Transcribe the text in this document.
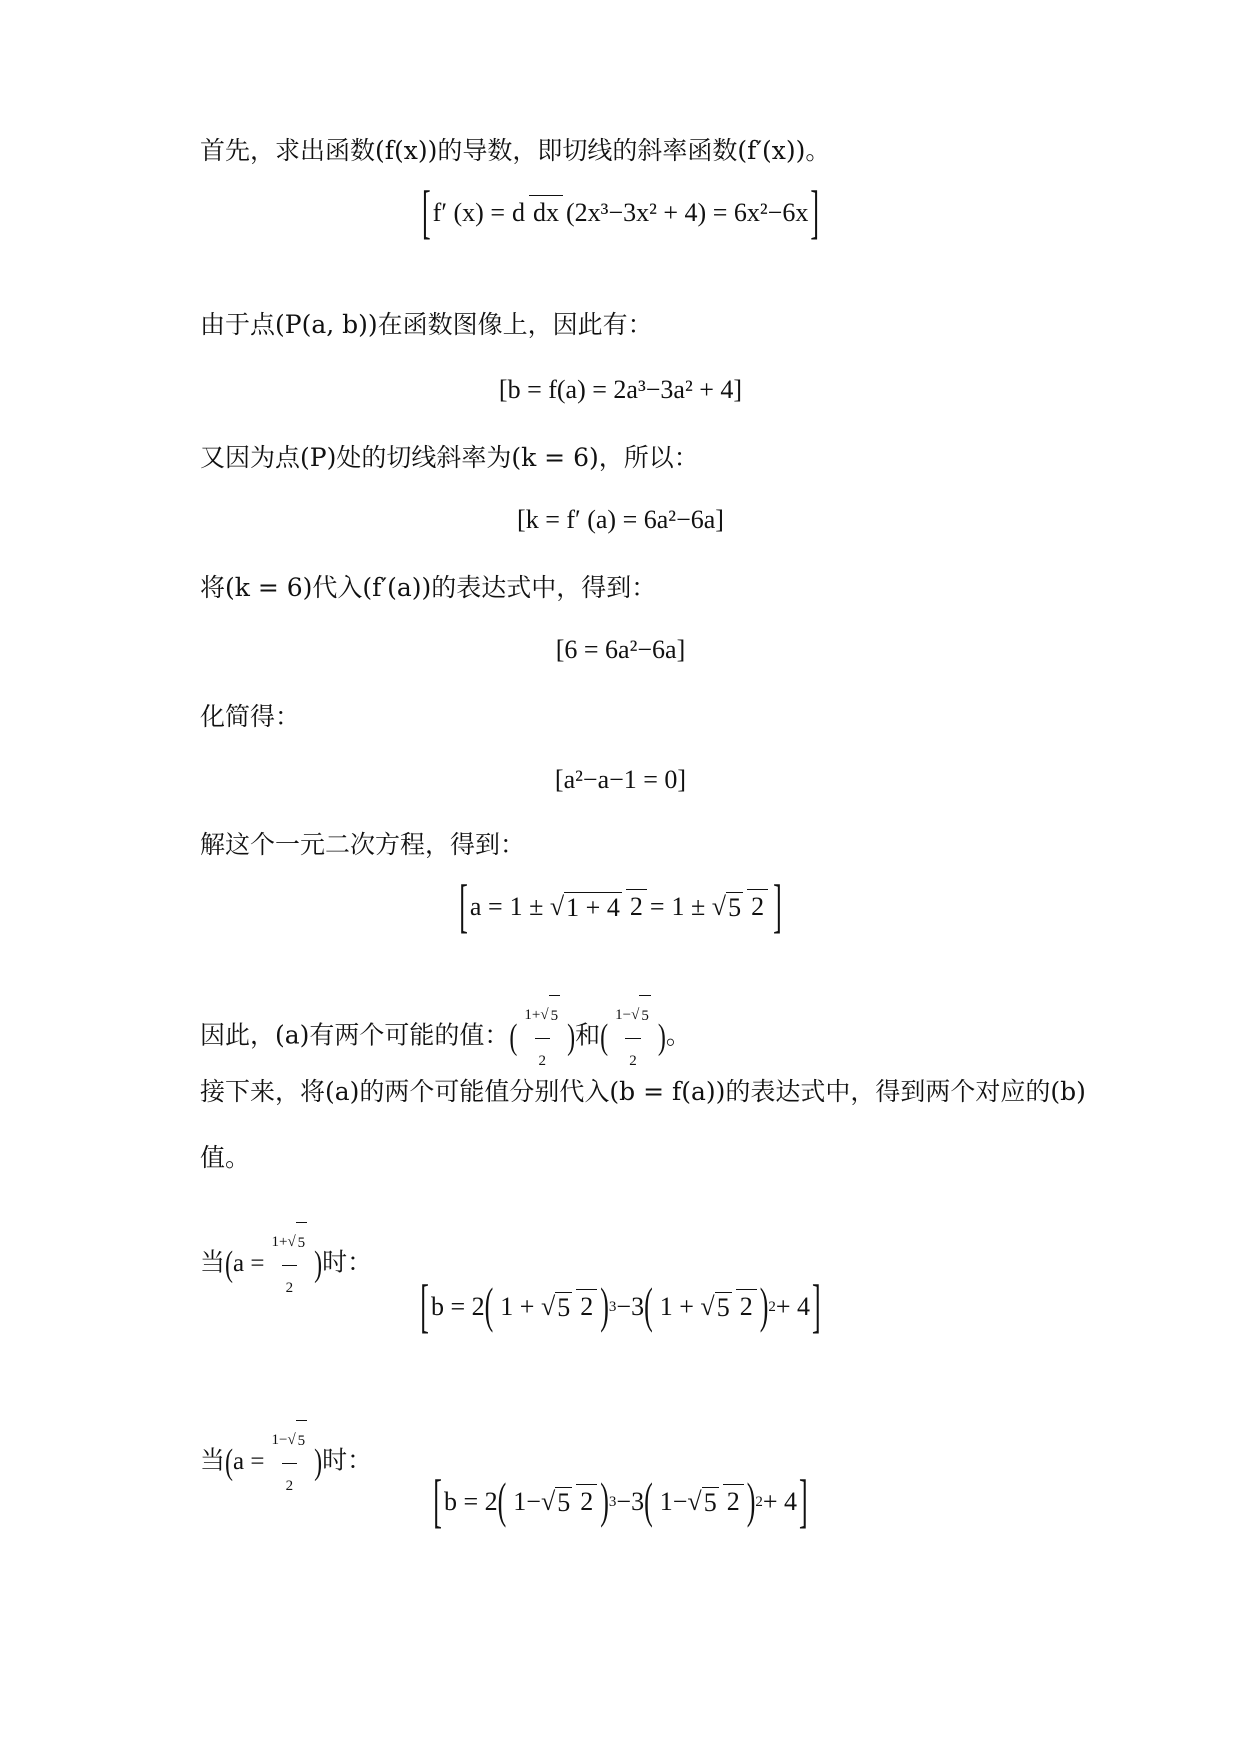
首先，求出函数(f(x))的导数，即切线的斜率函数(f′(x))。
[f′ (x) = d dx (2x³−3x² + 4) = 6x²−6x]
由于点(P(a, b))在函数图像上，因此有：
[b = f(a) = 2a³−3a² + 4]
又因为点(P)处的切线斜率为(k = 6)，所以：
[k = f′ (a) = 6a²−6a]
将(k = 6)代入(f′(a))的表达式中，得到：
[6 = 6a²−6a]
化简得：
[a²−a−1 = 0]
解这个一元二次方程，得到：
[a = 1 ± √ 1 + 4 2 = 1 ± √ 5 2 ]
因此，(a)有两个可能的值：( $\frac{1+√ 5}{2}$ )和( $\frac{1-√ 5}{2}$ )。
接下来，将(a)的两个可能值分别代入(b = f(a))的表达式中，得到两个对应的(b)值。
当($a = \frac{1+√ 5}{2}$ )时：
[b = 2( 1 + √ 5 2 )3−3( 1 + √ 5 2 )2+ 4]
当($a = \frac{1-√ 5}{2}$ )时：
[b = 2( 1−√ 5 2 )3−3( 1−√ 5 2 )2+ 4]
